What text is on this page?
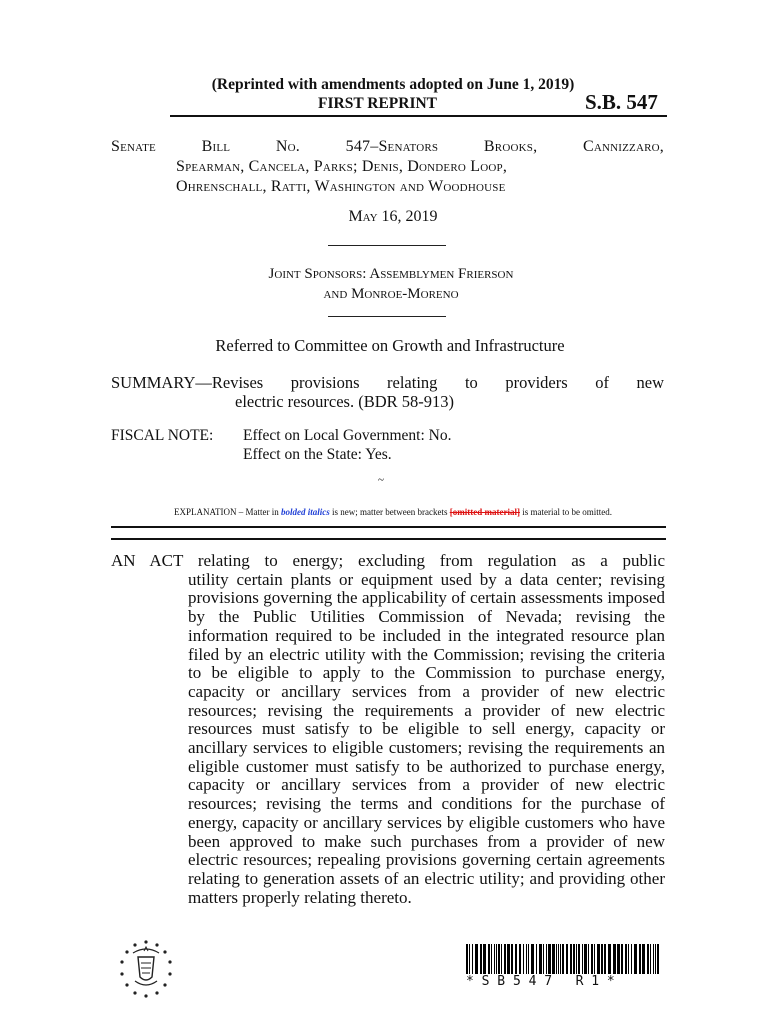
(Reprinted with amendments adopted on June 1, 2019)
FIRST REPRINT	S.B. 547
Senate Bill No. 547–Senators Brooks, Cannizzaro,
Spearman, Cancela, Parks; Denis, Dondero Loop,
Ohrenschall, Ratti, Washington and Woodhouse
May 16, 2019
Joint Sponsors: Assemblymen Frierson
and Monroe-Moreno
Referred to Committee on Growth and Infrastructure
SUMMARY—Revises provisions relating to providers of new
electric resources. (BDR 58-913)
FISCAL NOTE:	Effect on Local Government: No.
Effect on the State: Yes.
~
EXPLANATION – Matter in bolded italics is new; matter between brackets [omitted material] is material to be omitted.
AN ACT relating to energy; excluding from regulation as a public
utility certain plants or equipment used by a data center; revising provisions governing the applicability of certain assessments imposed by the Public Utilities Commission of Nevada; revising the information required to be included in the integrated resource plan filed by an electric utility with the Commission; revising the criteria to be eligible to apply to the Commission to purchase energy, capacity or ancillary services from a provider of new electric resources; revising the requirements a provider of new electric resources must satisfy to be eligible to sell energy, capacity or ancillary services to eligible customers; revising the requirements an eligible customer must satisfy to be authorized to purchase energy, capacity or ancillary services from a provider of new electric resources; revising the terms and conditions for the purchase of energy, capacity or ancillary services by eligible customers who have been approved to make such purchases from a provider of new electric resources; repealing provisions governing certain agreements relating to generation assets of an electric utility; and providing other matters properly relating thereto.
* S B 5 4 7   R 1 *
